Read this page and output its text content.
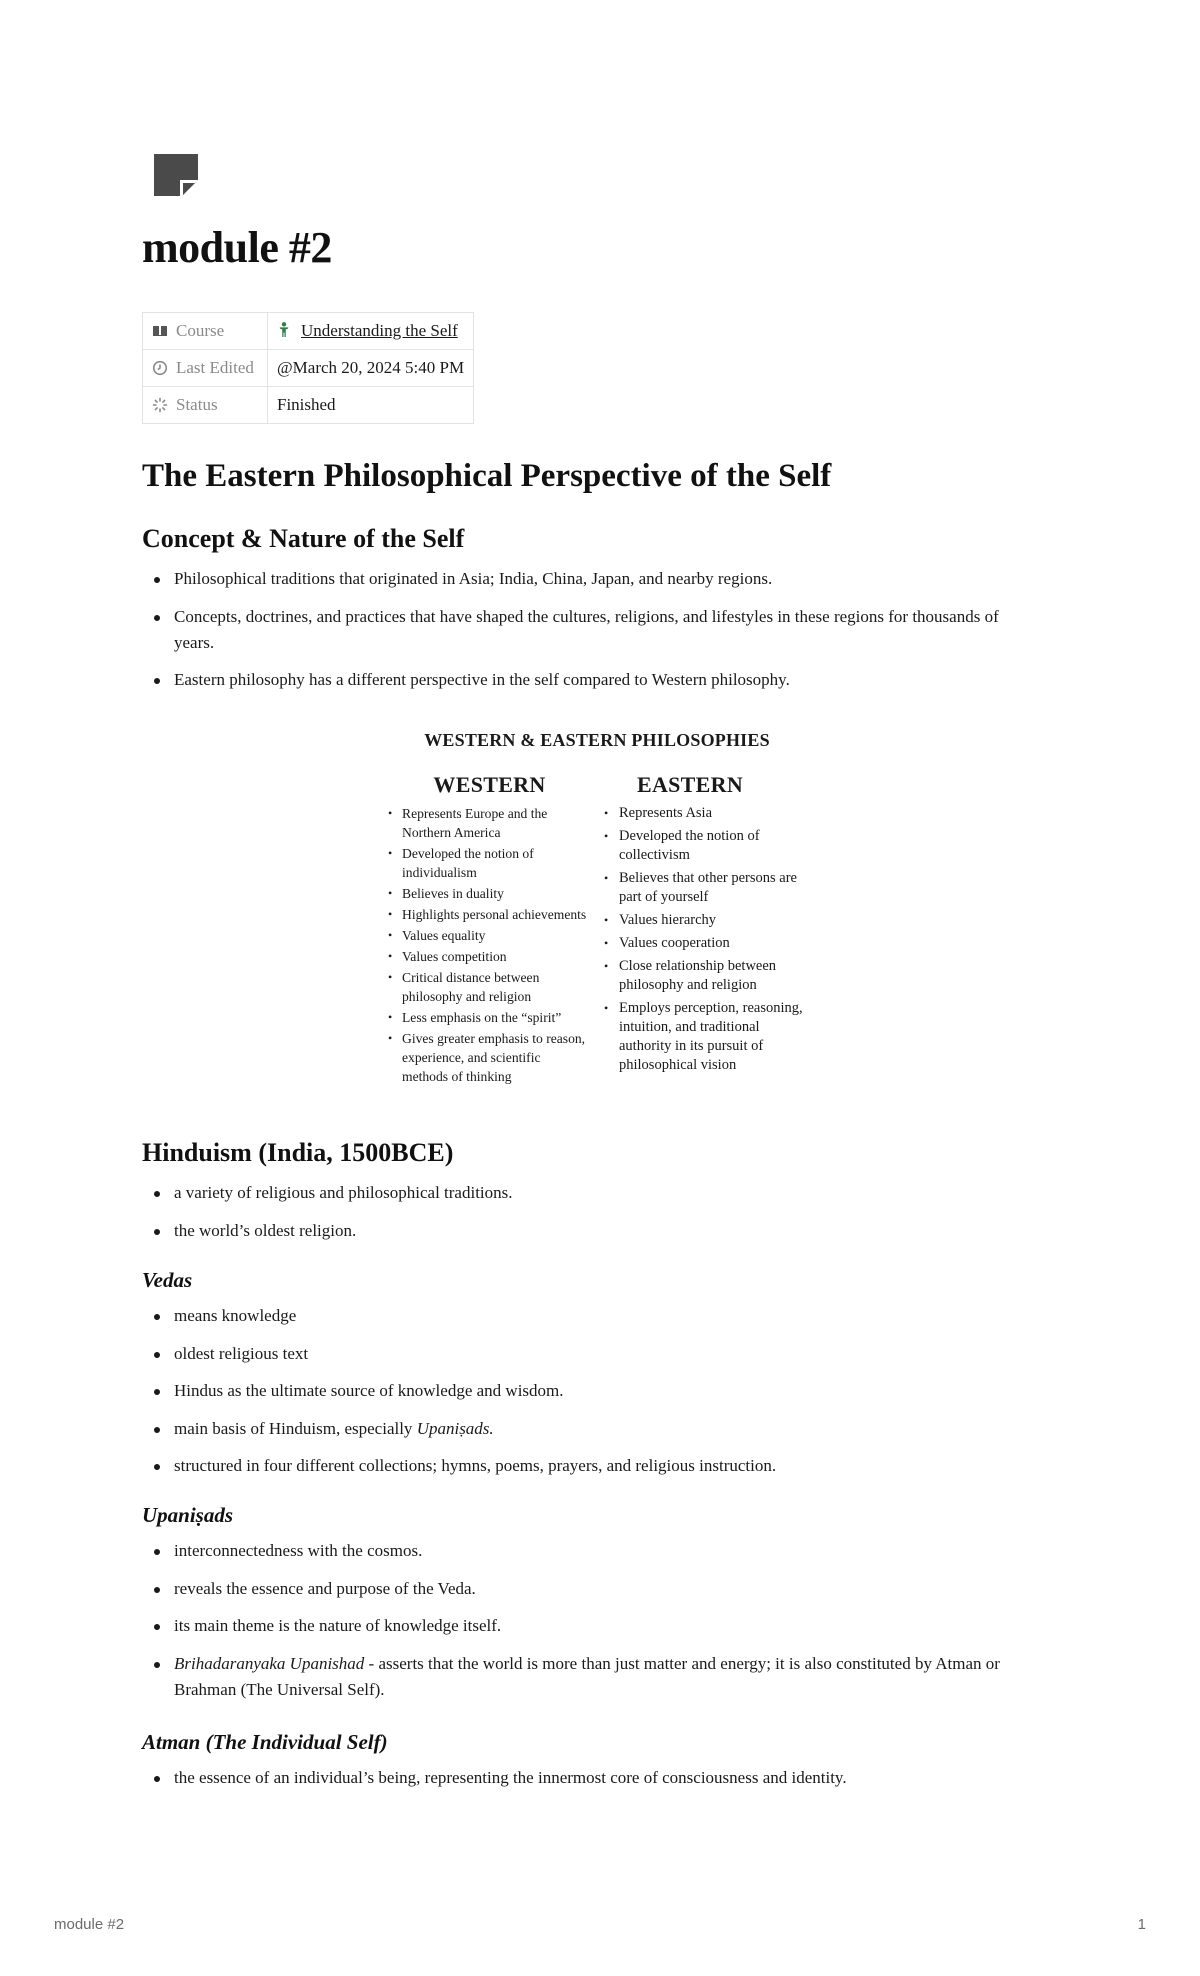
module #2
Course	Understanding the Self
Last Edited	@March 20, 2024 5:40 PM
Status	Finished
The Eastern Philosophical Perspective of the Self
Concept & Nature of the Self
Philosophical traditions that originated in Asia; India, China, Japan, and nearby regions.
Concepts, doctrines, and practices that have shaped the cultures, religions, and lifestyles in these regions for thousands of years.
Eastern philosophy has a different perspective in the self compared to Western philosophy.
WESTERN & EASTERN PHILOSOPHIES
WESTERN
• Represents Europe and the Northern America
• Developed the notion of individualism
• Believes in duality
• Highlights personal achievements
• Values equality
• Values competition
• Critical distance between philosophy and religion
• Less emphasis on the “spirit”
• Gives greater emphasis to reason, experience, and scientific methods of thinking
EASTERN
• Represents Asia
• Developed the notion of collectivism
• Believes that other persons are part of yourself
• Values hierarchy
• Values cooperation
• Close relationship between philosophy and religion
• Employs perception, reasoning, intuition, and traditional authority in its pursuit of philosophical vision
Hinduism (India, 1500BCE)
a variety of religious and philosophical traditions.
the world’s oldest religion.
Vedas
means knowledge
oldest religious text
Hindus as the ultimate source of knowledge and wisdom.
main basis of Hinduism, especially Upaniṣads.
structured in four different collections; hymns, poems, prayers, and religious instruction.
Upaniṣads
interconnectedness with the cosmos.
reveals the essence and purpose of the Veda.
its main theme is the nature of knowledge itself.
Brihadaranyaka Upanishad - asserts that the world is more than just matter and energy; it is also constituted by Atman or Brahman (The Universal Self).
Atman (The Individual Self)
the essence of an individual’s being, representing the innermost core of consciousness and identity.
module #2	1
